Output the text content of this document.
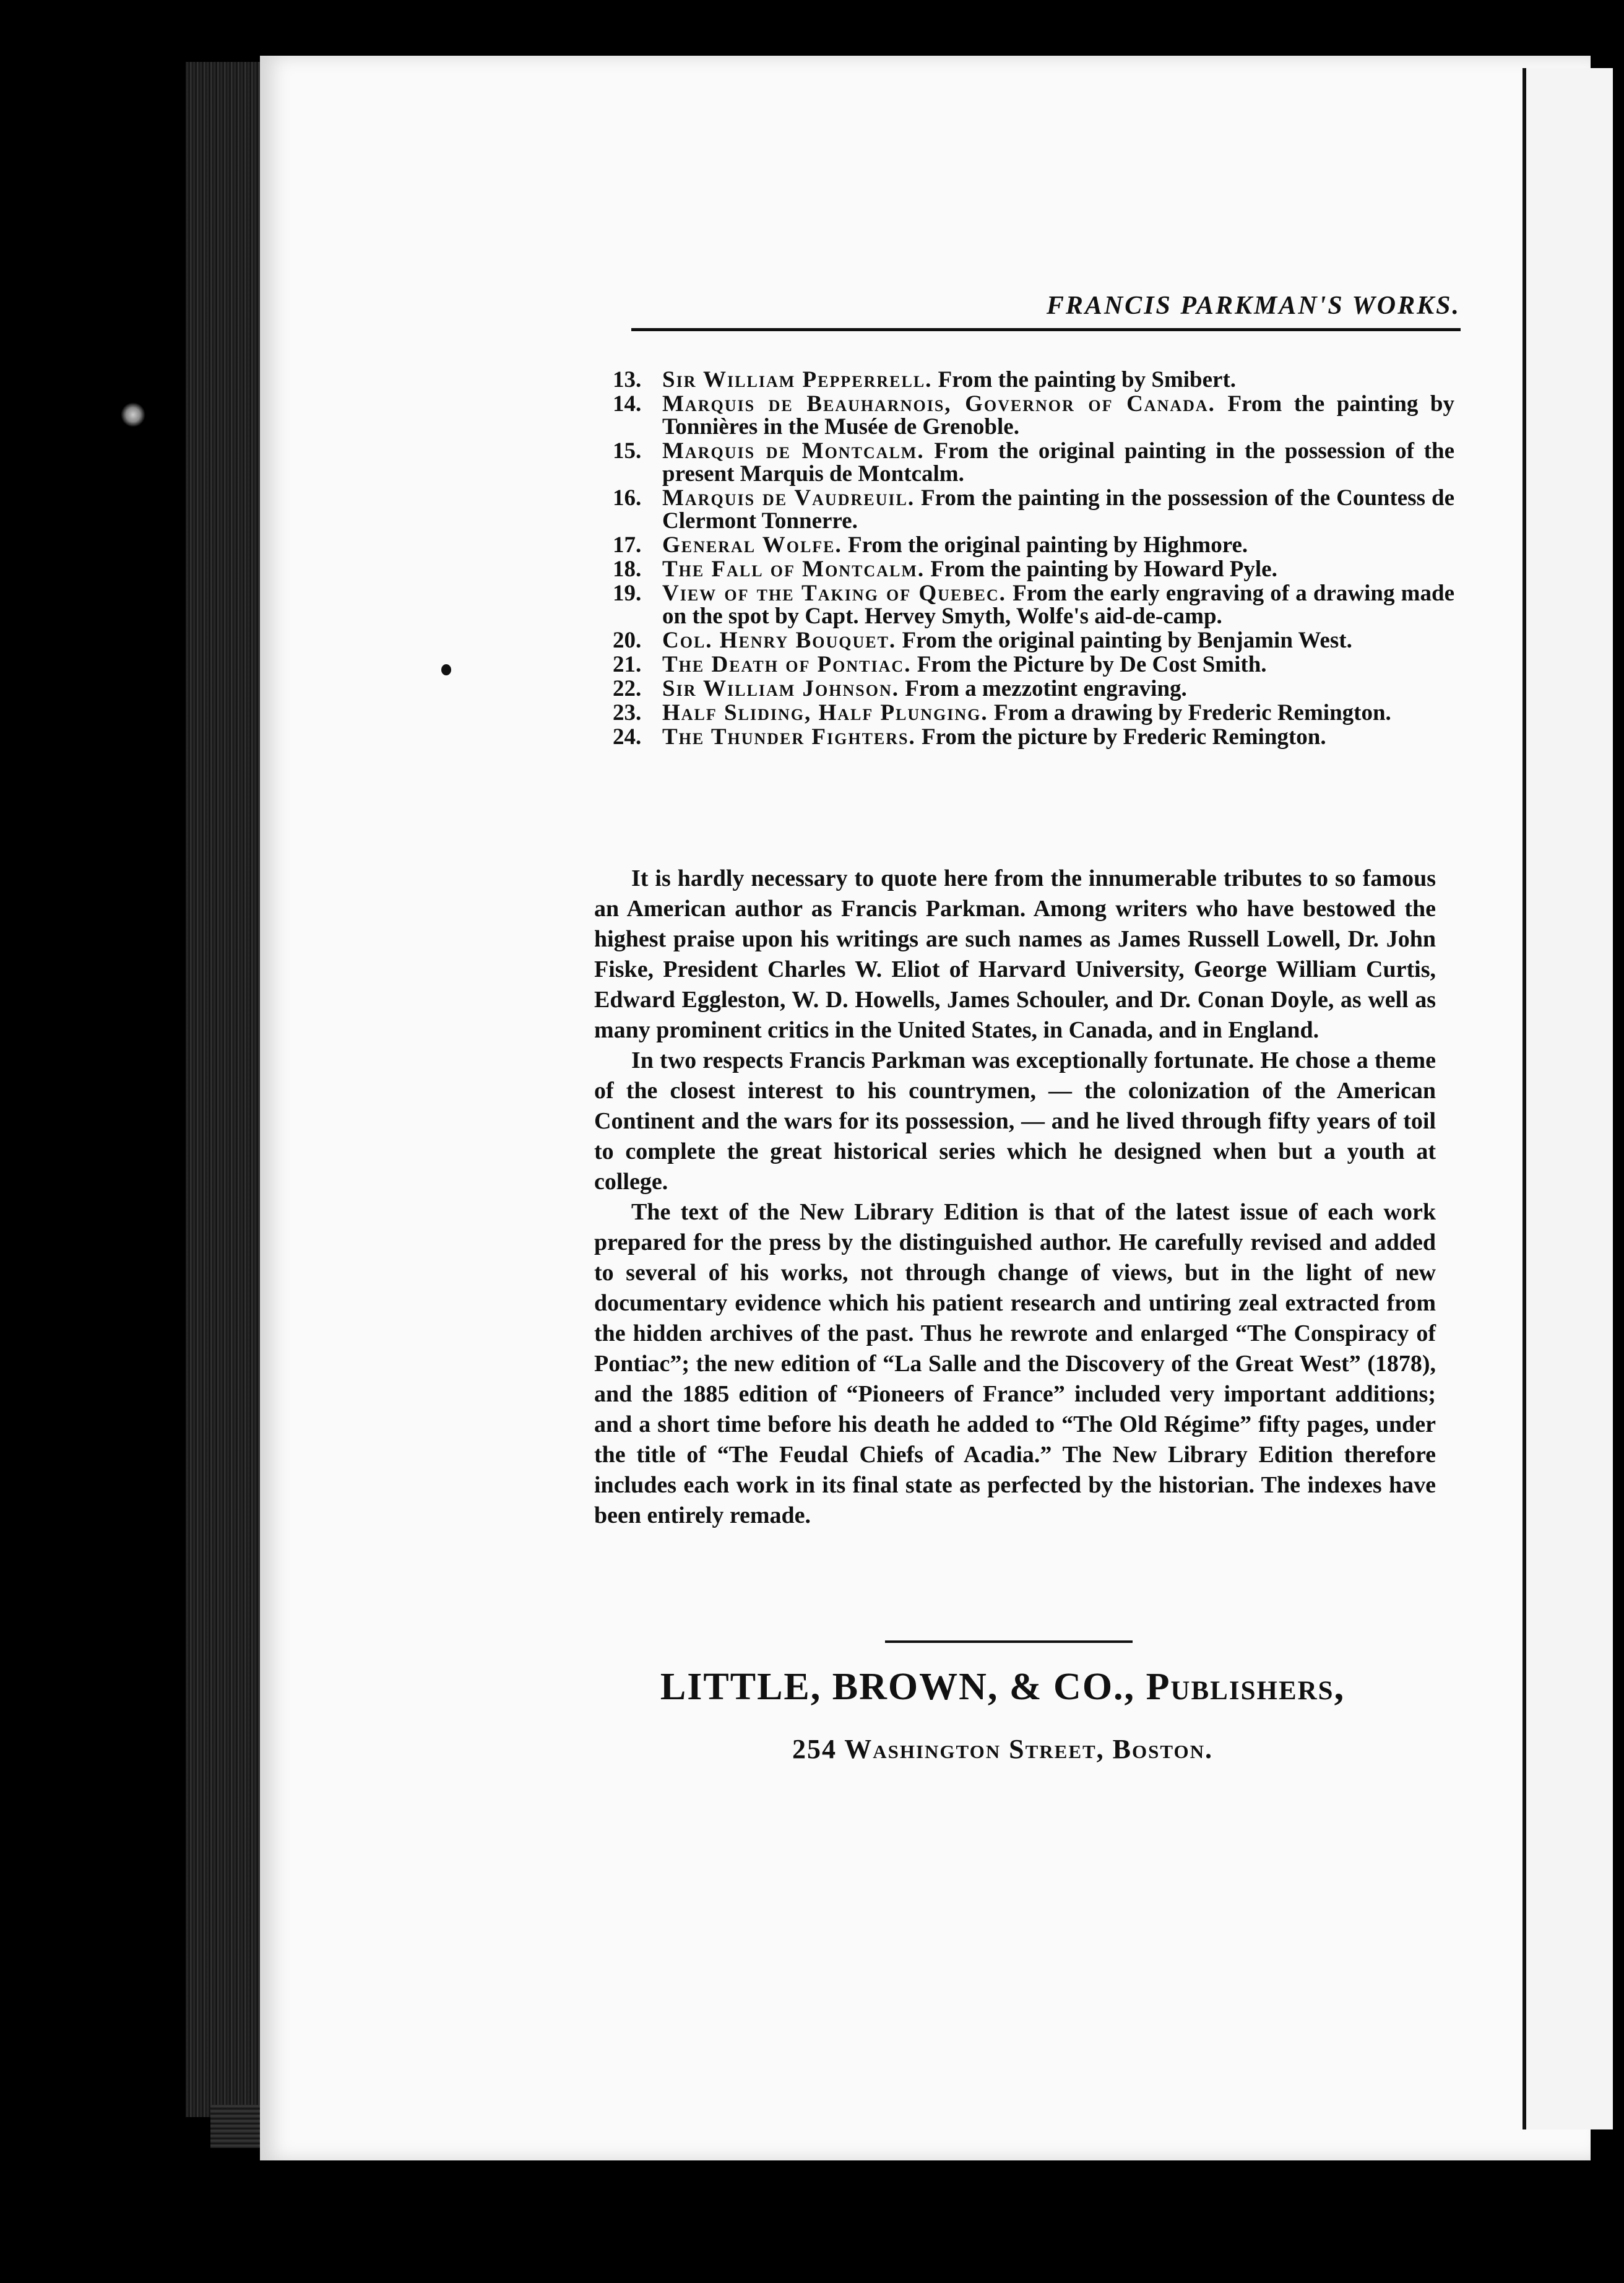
FRANCIS PARKMAN'S WORKS.
13. Sir William Pepperrell. From the painting by Smibert.
14. Marquis de Beauharnois, Governor of Canada. From the painting by Tonnières in the Musée de Grenoble.
15. Marquis de Montcalm. From the original painting in the possession of the present Marquis de Montcalm.
16. Marquis de Vaudreuil. From the painting in the possession of the Countess de Clermont Tonnerre.
17. General Wolfe. From the original painting by Highmore.
18. The Fall of Montcalm. From the painting by Howard Pyle.
19. View of the Taking of Quebec. From the early engraving of a drawing made on the spot by Capt. Hervey Smyth, Wolfe's aid-de-camp.
20. Col. Henry Bouquet. From the original painting by Benjamin West.
21. The Death of Pontiac. From the Picture by De Cost Smith.
22. Sir William Johnson. From a mezzotint engraving.
23. Half Sliding, Half Plunging. From a drawing by Frederic Remington.
24. The Thunder Fighters. From the picture by Frederic Remington.

It is hardly necessary to quote here from the innumerable tributes to so famous an American author as Francis Parkman. Among writers who have bestowed the highest praise upon his writings are such names as James Russell Lowell, Dr. John Fiske, President Charles W. Eliot of Harvard University, George William Curtis, Edward Eggleston, W. D. Howells, James Schouler, and Dr. Conan Doyle, as well as many prominent critics in the United States, in Canada, and in England.

In two respects Francis Parkman was exceptionally fortunate. He chose a theme of the closest interest to his countrymen, — the colonization of the American Continent and the wars for its possession, — and he lived through fifty years of toil to complete the great historical series which he designed when but a youth at college.

The text of the New Library Edition is that of the latest issue of each work prepared for the press by the distinguished author. He carefully revised and added to several of his works, not through change of views, but in the light of new documentary evidence which his patient research and untiring zeal extracted from the hidden archives of the past. Thus he rewrote and enlarged “The Conspiracy of Pontiac”; the new edition of “La Salle and the Discovery of the Great West” (1878), and the 1885 edition of “Pioneers of France” included very important additions; and a short time before his death he added to “The Old Régime” fifty pages, under the title of “The Feudal Chiefs of Acadia.” The New Library Edition therefore includes each work in its final state as perfected by the historian. The indexes have been entirely remade.

LITTLE, BROWN, & CO., Publishers,
254 Washington Street, Boston.
